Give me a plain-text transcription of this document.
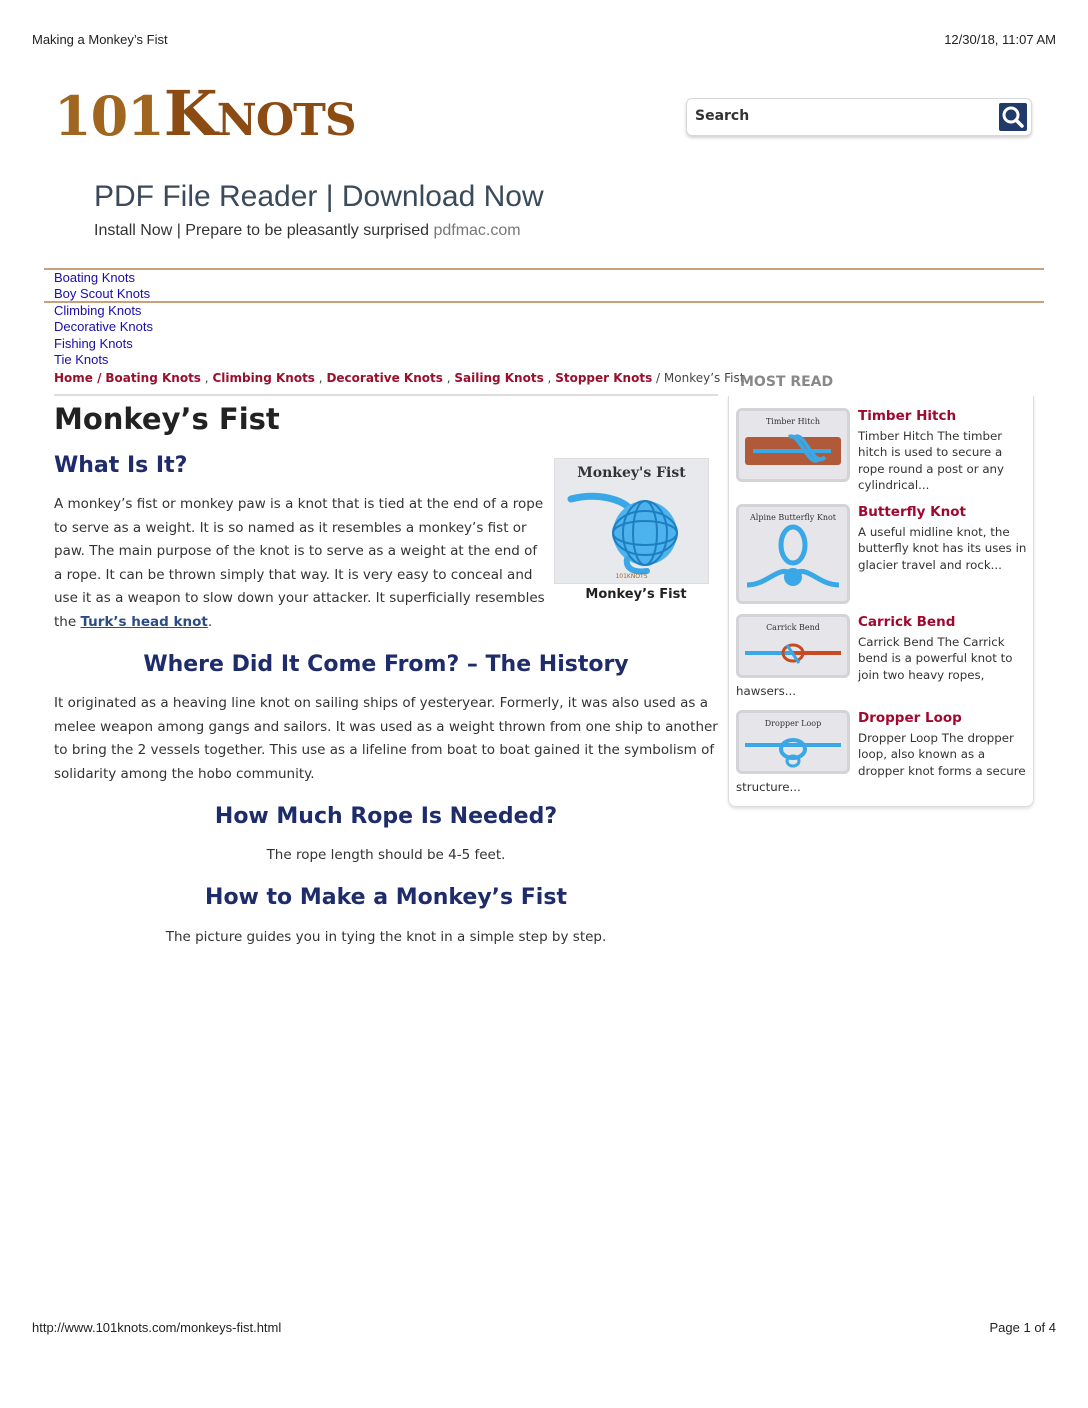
Making a Monkey’s Fist	12/30/18, 11:07 AM
101KNOTS	Search
PDF File Reader | Download Now
Install Now | Prepare to be pleasantly surprised pdfmac.com
Boating Knots
Boy Scout Knots
Climbing Knots
Decorative Knots
Fishing Knots
Tie Knots
Home / Boating Knots , Climbing Knots , Decorative Knots , Sailing Knots , Stopper Knots / Monkey’s Fist
Monkey’s Fist
What Is It?

A monkey’s fist or monkey paw is a knot that is tied at the end of a rope to serve as a weight. It is so named as it resembles a monkey’s fist or paw. The main purpose of the knot is to serve as a weight at the end of a rope. It can be thrown simply that way. It is very easy to conceal and use it as a weapon to slow down your attacker. It superficially resembles the Turk’s head knot.

Monkey's Fist
101KNOTS
Monkey’s Fist
Where Did It Come From? – The History

It originated as a heaving line knot on sailing ships of yesteryear. Formerly, it was also used as a melee weapon among gangs and sailors. It was used as a weight thrown from one ship to another to bring the 2 vessels together. This use as a lifeline from boat to boat gained it the symbolism of solidarity among the hobo community.

How Much Rope Is Needed?

The rope length should be 4-5 feet.

How to Make a Monkey’s Fist

The picture guides you in tying the knot in a simple step by step.

MOST READ
Timber Hitch	Timber Hitch
Timber Hitch The timber hitch is used to secure a rope round a post or any cylindrical...
Alpine Butterfly Knot	Butterfly Knot
A useful midline knot, the butterfly knot has its uses in glacier travel and rock...
Carrick Bend	Carrick Bend
Carrick Bend The Carrick bend is a powerful knot to join two heavy ropes,
hawsers...
Dropper Loop	Dropper Loop
Dropper Loop The dropper loop, also known as a dropper knot forms a secure
structure...
http://www.101knots.com/monkeys-fist.html	Page 1 of 4
